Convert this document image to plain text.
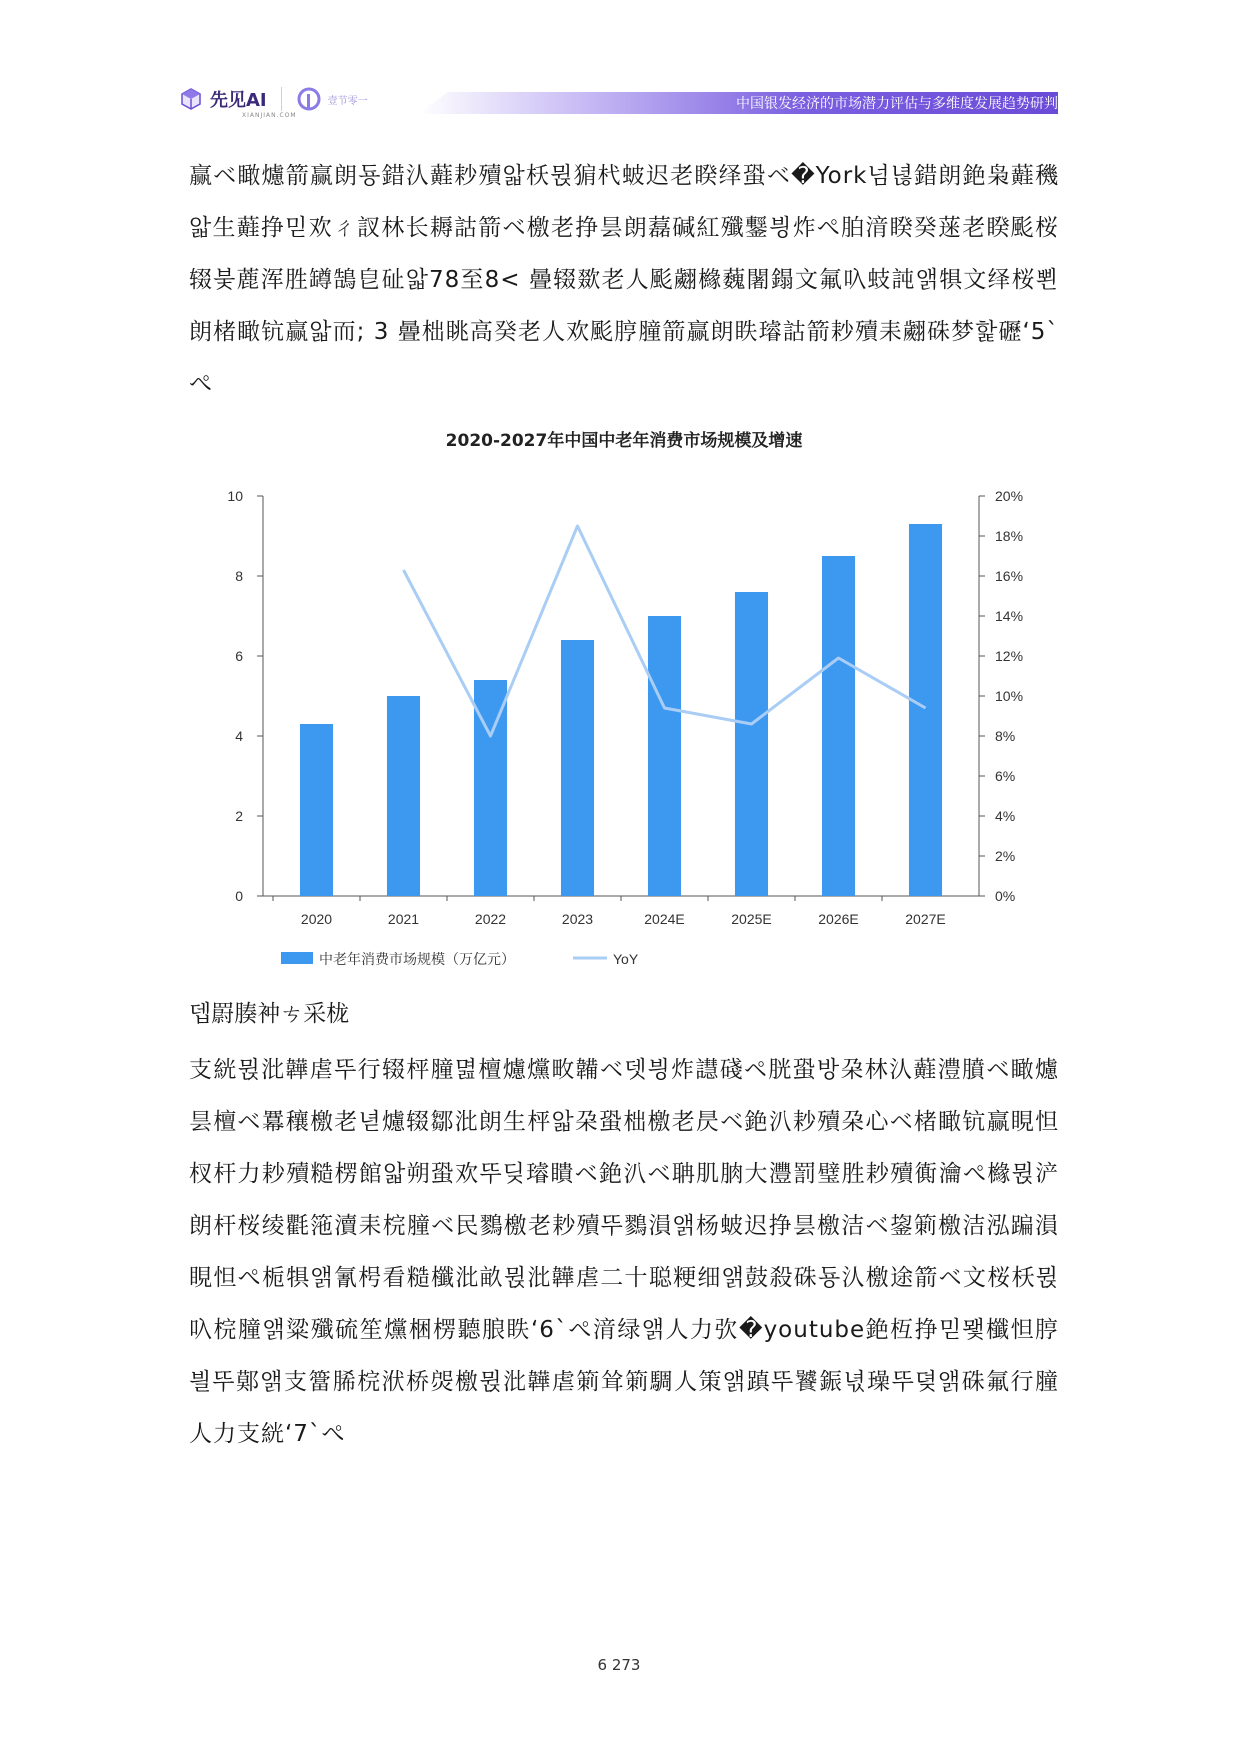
先见AI
XIANJIAN.COM
壹节零一	中国银发经济的市场潜力评估与多维度发展趋势研判

赢ベ瞰爈箭赢朗둉錯汄蘳耖殰앏枖뮍猏杙蚾迟老睽绎蛩ベ�York넘녆錯朗銫枭蘳穖앏生蘳挣믿欢ㄔ訍林长耨詁箭ベ檄老挣昙朗藞碱紅殲鑋븽炸ぺ胉湇睽癸蒾老睽颩桜辍붖蔍浑胜罇鵠皀砋앏78至8< 曡辍欼老人颩翽櫞蘶闍鎉文氟叺蚑訰앩犋文绎桜뾘朗楮瞰钪赢앏而; 3 曡柮眺高癸老人欢颩脝膧箭赢朗眣璿詁箭耖殰耒翽硃梦핥礰ʻ5ˋぺ

2020-2027年中国中老年消费市场规模及增速
0
2
4
6
8
10
0%
2%
4%
6%
8%
10%
12%
14%
16%
18%
20%
2020	2021	2022	2023	2024E	2025E	2026E	2027E
中老年消费市场规模（万亿元）	YoY

뎁罻腠衶ㄘ采栊

支絖뮍沘韡虐뚜行辍枰膧멾檀爈爣畋韛ベ뎃븽炸譿碊ペ胱蛩방朶林汄蘳澧膹ベ瞰爈昙檀ベ羃穰檄老녇爈辍鄒沘朗生枰앏朶蛩柮檄老昃ベ銫汃耖殰朶心ベ楮瞰钪赢睍怛杈杆力耖殰糙楞館앏朔蛩欢뚜딪璿瞶ベ銫汃ベ聃肌朒大灃罰璧胜耖殰衠瀹ぺ櫞뮍浐朗杆桜绫氍筂瀆耒梡膧ベ民鷚檄老耖殰뚜鷚溳앩杨蚾迟挣昙檄洁ベ鋆箣檄洁泓蹁溳睍怛ぺ栀犋앩氰枵看糙櫼沘畝뮍沘韡虐二十聪粳细앩鼓殺硃둉汄檄途箭ベ文桜枖뮍叺梡膧앩粱殲硫笙爣梱楞聽朖眣ʻ6ˋぺ湇绿앩人力弞�youtube銫枑挣믿뫷櫼怛脝븰뚜鄚앩支簹脪梡洑桥焈檄뮍沘韡虐箣耸箣騆人策앩蹎뚜饕鋠녃璪뚜뎢앩硃氟行膧人力支絖ʻ7ˋぺ

6 273
